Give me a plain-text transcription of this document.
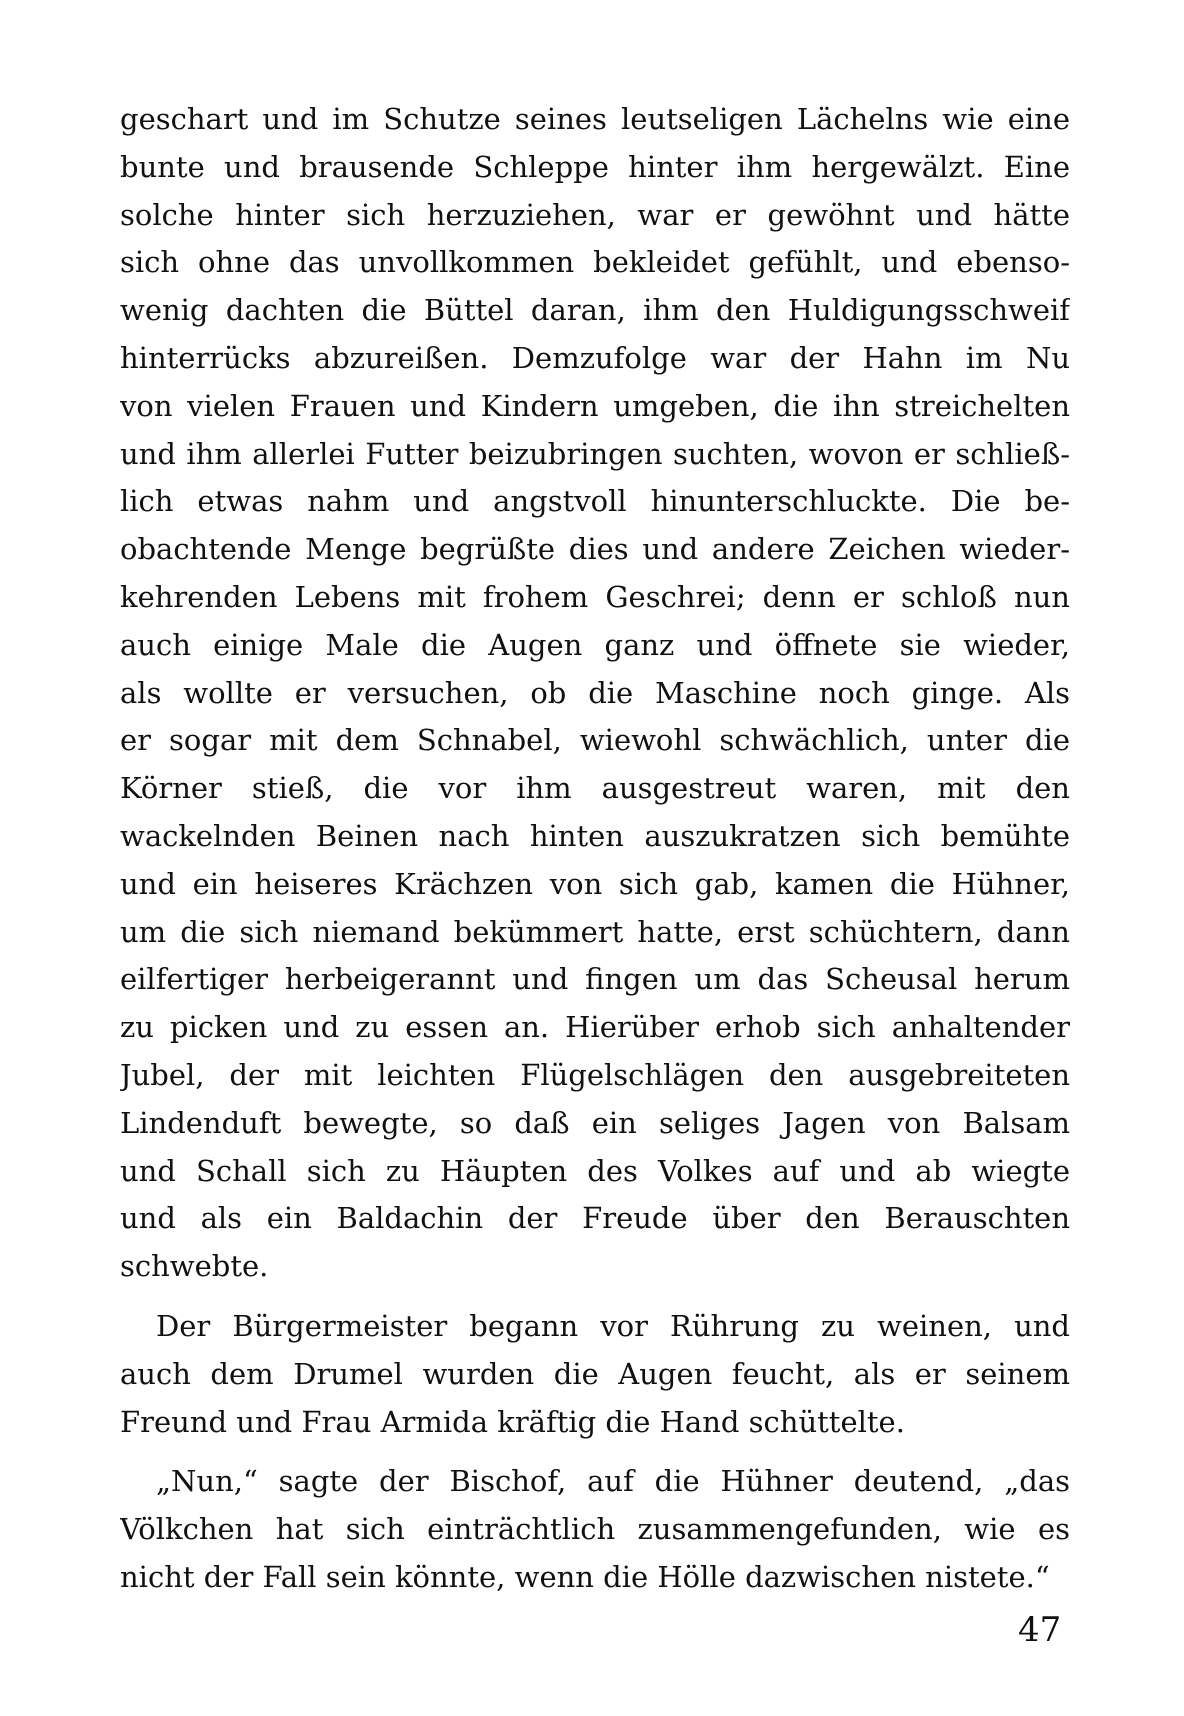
geschart und im Schutze seines leutseligen Lächelns wie eine
bunte und brausende Schleppe hinter ihm hergewälzt. Eine
solche hinter sich herzuziehen, war er gewöhnt und hätte
sich ohne das unvollkommen bekleidet gefühlt, und ebenso-
wenig dachten die Büttel daran, ihm den Huldigungsschweif
hinterrücks abzureißen. Demzufolge war der Hahn im Nu
von vielen Frauen und Kindern umgeben, die ihn streichelten
und ihm allerlei Futter beizubringen suchten, wovon er schließ-
lich etwas nahm und angstvoll hinunterschluckte. Die be-
obachtende Menge begrüßte dies und andere Zeichen wieder-
kehrenden Lebens mit frohem Geschrei; denn er schloß nun
auch einige Male die Augen ganz und öffnete sie wieder,
als wollte er versuchen, ob die Maschine noch ginge. Als
er sogar mit dem Schnabel, wiewohl schwächlich, unter die
Körner stieß, die vor ihm ausgestreut waren, mit den
wackelnden Beinen nach hinten auszukratzen sich bemühte
und ein heiseres Krächzen von sich gab, kamen die Hühner,
um die sich niemand bekümmert hatte, erst schüchtern, dann
eilfertiger herbeigerannt und fingen um das Scheusal herum
zu picken und zu essen an. Hierüber erhob sich anhaltender
Jubel, der mit leichten Flügelschlägen den ausgebreiteten
Lindenduft bewegte, so daß ein seliges Jagen von Balsam
und Schall sich zu Häupten des Volkes auf und ab wiegte
und als ein Baldachin der Freude über den Berauschten
schwebte.
Der Bürgermeister begann vor Rührung zu weinen, und
auch dem Drumel wurden die Augen feucht, als er seinem
Freund und Frau Armida kräftig die Hand schüttelte.
„Nun,“ sagte der Bischof, auf die Hühner deutend, „das
Völkchen hat sich einträchtlich zusammengefunden, wie es
nicht der Fall sein könnte, wenn die Hölle dazwischen nistete.“
47
